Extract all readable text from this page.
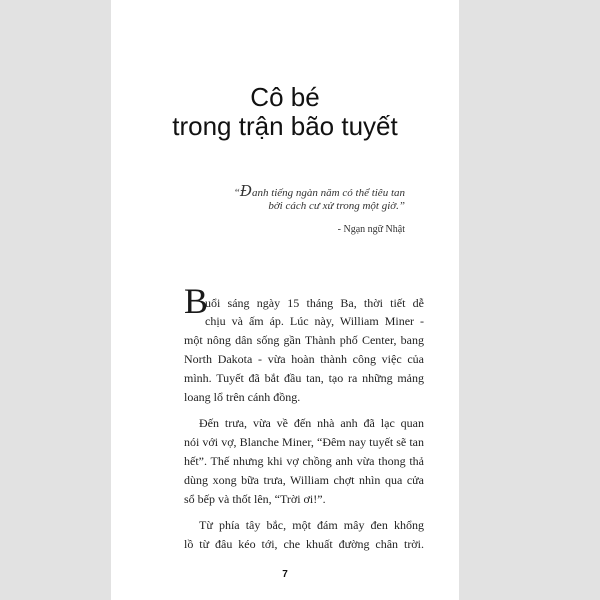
Cô bé
trong trận bão tuyết
“Đanh tiếng ngàn năm có thể tiêu tan
bởi cách cư xử trong một giờ.”
- Ngạn ngữ Nhật
B
uổi sáng ngày 15 tháng Ba, thời tiết dễ
chịu và ấm áp. Lúc này, William Miner -
một nông dân sống gần Thành phố Center, bang
North Dakota - vừa hoàn thành công việc của
mình. Tuyết đã bắt đầu tan, tạo ra những mảng
loang lổ trên cánh đồng.
Đến trưa, vừa về đến nhà anh đã lạc quan
nói với vợ, Blanche Miner, “Đêm nay tuyết sẽ tan
hết”. Thế nhưng khi vợ chồng anh vừa thong thả
dùng xong bữa trưa, William chợt nhìn qua cửa
sổ bếp và thốt lên, “Trời ơi!”.
Từ phía tây bắc, một đám mây đen khổng
lồ từ đâu kéo tới, che khuất đường chân trời.
7
